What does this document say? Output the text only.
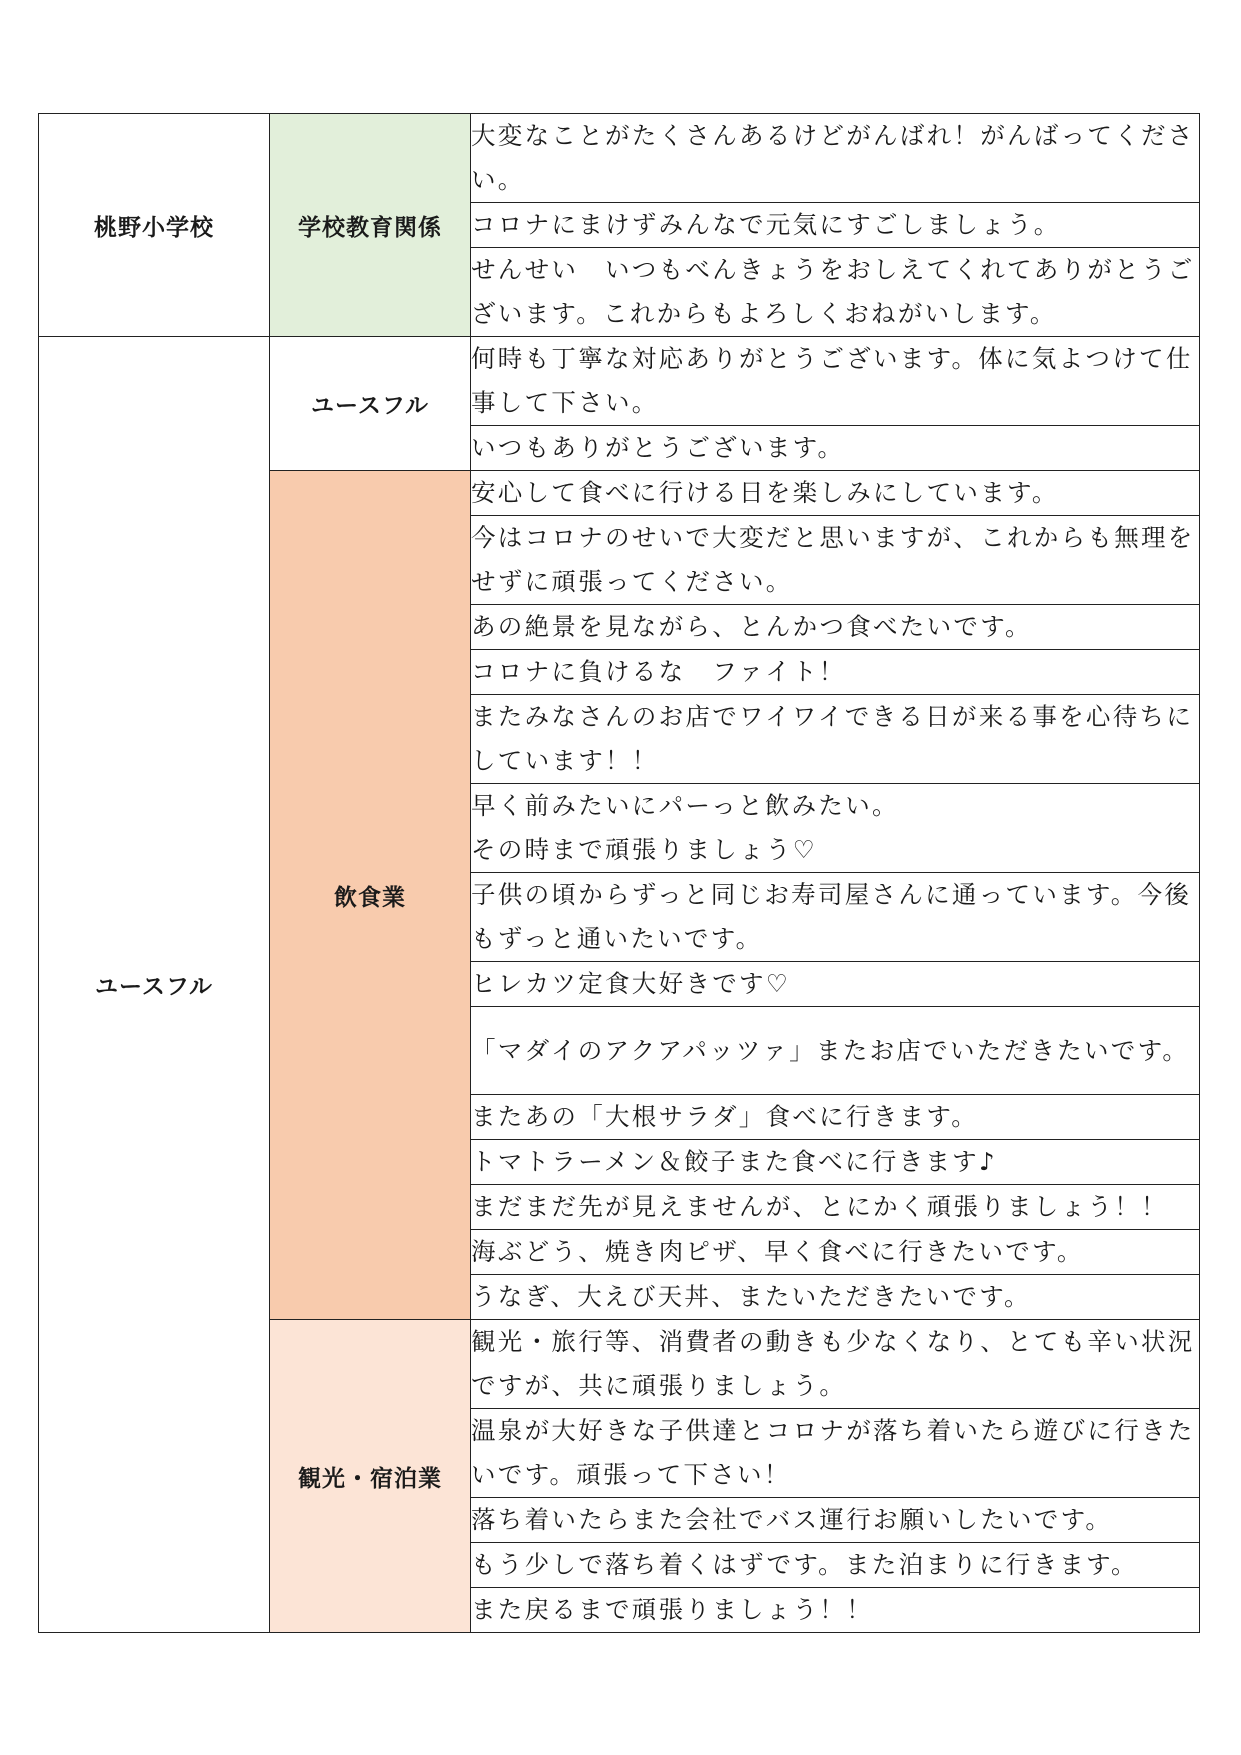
桃野小学校	学校教育関係	大変なことがたくさんあるけどがんばれ！がんばってください。
		コロナにまけずみんなで元気にすごしましょう。
		せんせい　いつもべんきょうをおしえてくれてありがとうございます。これからもよろしくおねがいします。
ユースフル	ユースフル	何時も丁寧な対応ありがとうございます。体に気よつけて仕事して下さい。
		いつもありがとうございます。
	飲食業	安心して食べに行ける日を楽しみにしています。
		今はコロナのせいで大変だと思いますが、これからも無理をせずに頑張ってください。
		あの絶景を見ながら、とんかつ食べたいです。
		コロナに負けるな　ファイト！
		またみなさんのお店でワイワイできる日が来る事を心待ちにしています！！
		早く前みたいにパーっと飲みたい。
その時まで頑張りましょう♡
		子供の頃からずっと同じお寿司屋さんに通っています。今後もずっと通いたいです。
		ヒレカツ定食大好きです♡
		「マダイのアクアパッツァ」またお店でいただきたいです。
		またあの「大根サラダ」食べに行きます。
		トマトラーメン＆餃子また食べに行きます♪
		まだまだ先が見えませんが、とにかく頑張りましょう！！
		海ぶどう、焼き肉ピザ、早く食べに行きたいです。
		うなぎ、大えび天丼、またいただきたいです。
	観光・宿泊業	観光・旅行等、消費者の動きも少なくなり、とても辛い状況ですが、共に頑張りましょう。
		温泉が大好きな子供達とコロナが落ち着いたら遊びに行きたいです。頑張って下さい！
		落ち着いたらまた会社でバス運行お願いしたいです。
		もう少しで落ち着くはずです。また泊まりに行きます。
		また戻るまで頑張りましょう！！
